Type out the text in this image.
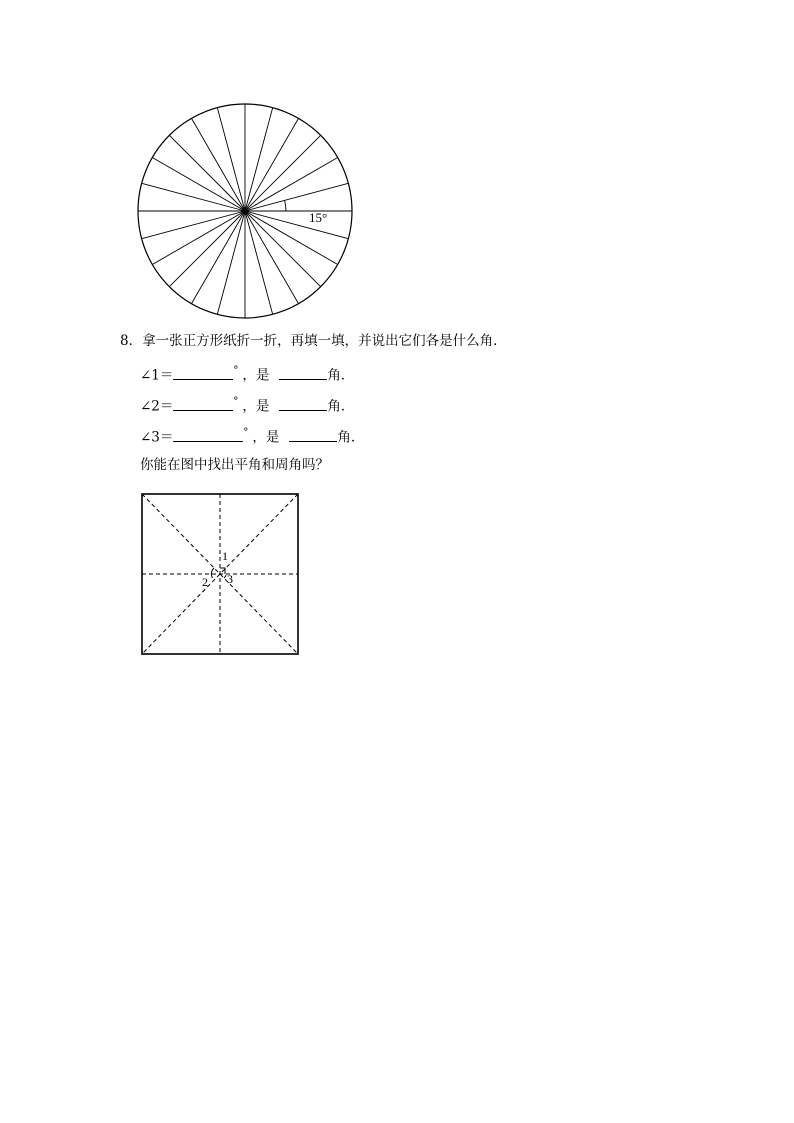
15°
8．拿一张正方形纸折一折，再填一填，并说出它们各是什么角．
∠1＝	° ，是	角．
∠2＝	° ，是	角．
∠3＝	° ，是	角．
你能在图中找出平角和周角吗？
1
2 3
